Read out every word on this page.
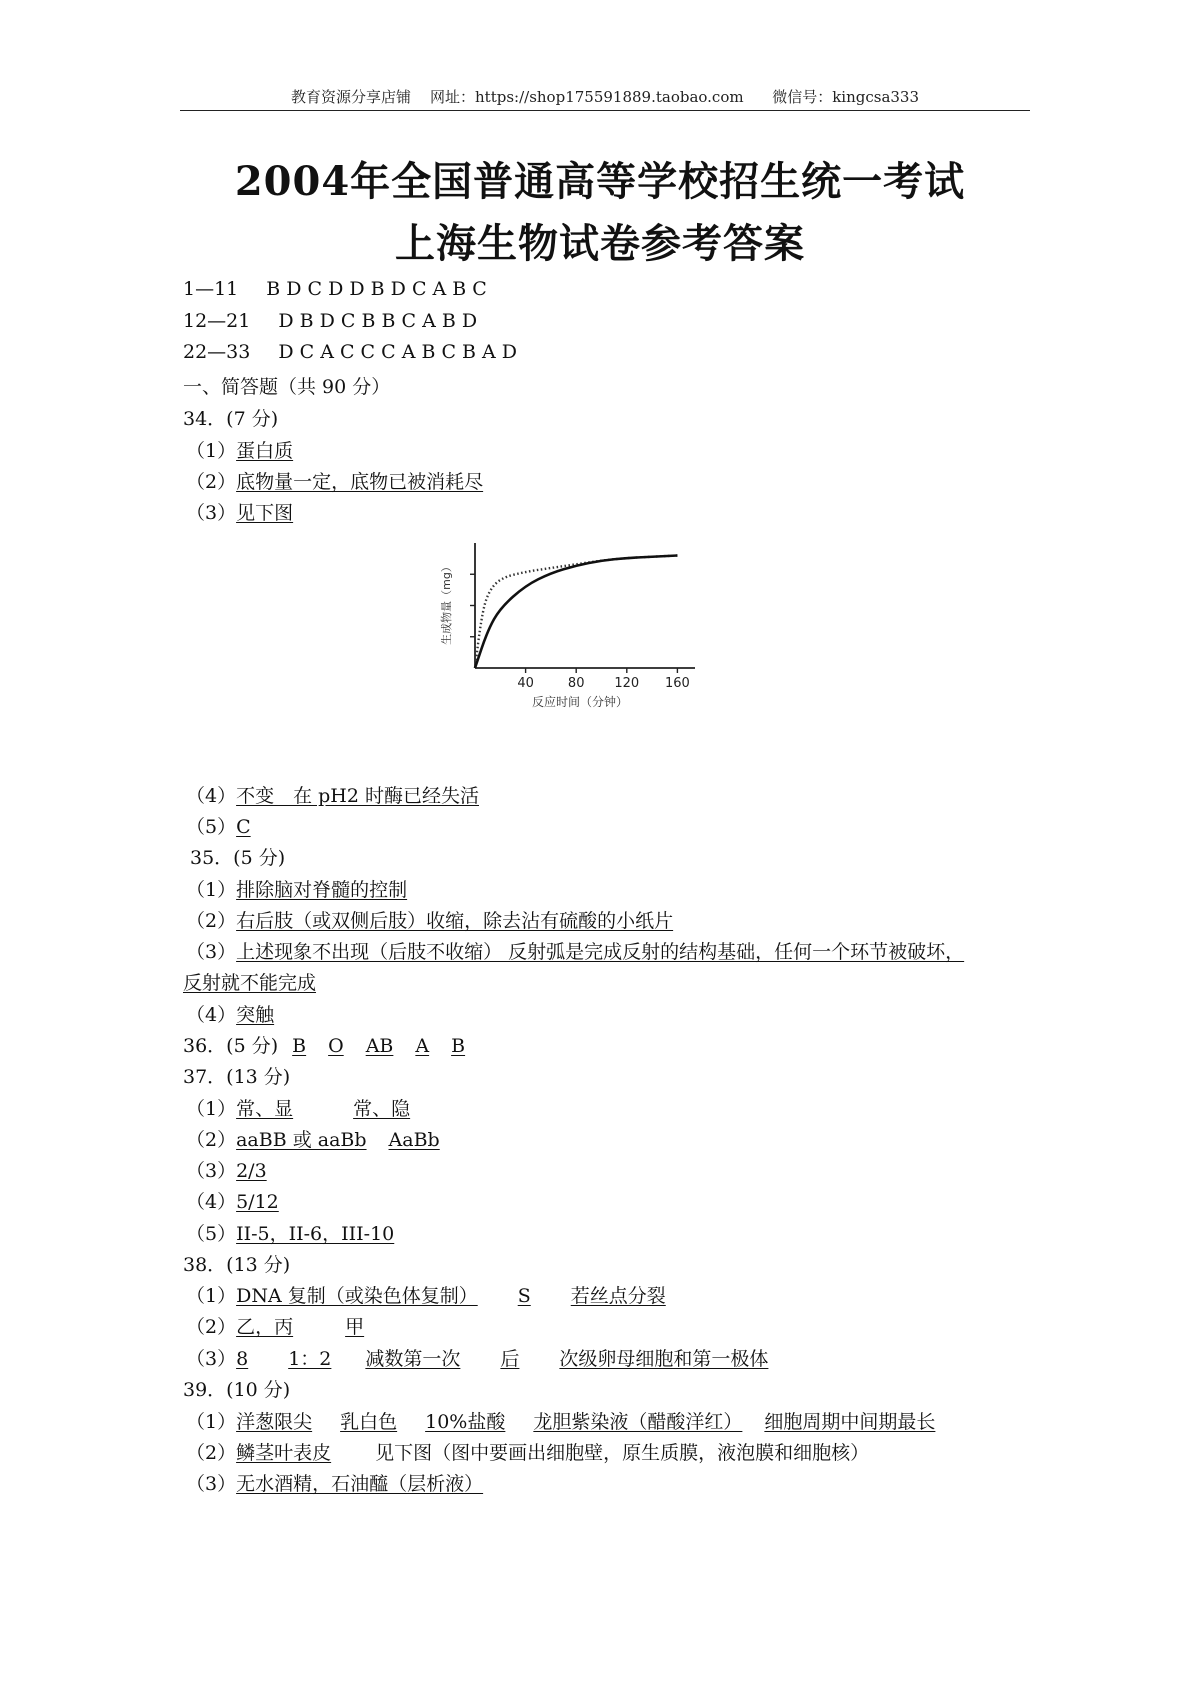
教育资源分享店铺    网址：https://shop175591889.taobao.com      微信号：kingcsa333
2004年全国普通高等学校招生统一考试
上海生物试卷参考答案
1—11 B D C D D B D C A B C
12—21 D B D C B B C A B D
22—33 D C A C C C A B C B A D
一、简答题（共 90 分）
34．(7 分)
（1）蛋白质
（2）底物量一定，底物已被消耗尽
（3）见下图
40	80 120 160
生成物量（mg）
反应时间（分钟）
（4）不变　在 pH2 时酶已经失活
（5）C
35．(5 分)
（1）排除脑对脊髓的控制
（2）右后肢（或双侧后肢）收缩，除去沾有硫酸的小纸片
（3）上述现象不出现（后肢不收缩） 反射弧是完成反射的结构基础，任何一个环节被破坏，
反射就不能完成
（4）突触
36．(5 分) B O AB A B
37．(13 分)
（1）常、显	常、隐
（2）aaBB 或 aaBb AaBb
（3）2/3
（4）5/12
（5）II-5，II-6，III-10
38．(13 分)
（1）DNA 复制（或染色体复制） S 若丝点分裂
（2）乙，丙	甲
（3）8 1：2 减数第一次 后 次级卵母细胞和第一极体
39．(10 分)
（1）洋葱限尖 乳白色 10%盐酸 龙胆紫染液（醋酸洋红） 细胞周期中间期最长
（2）鳞茎叶表皮 见下图（图中要画出细胞壁，原生质膜，液泡膜和细胞核）
（3）无水酒精，石油醯（层析液）
